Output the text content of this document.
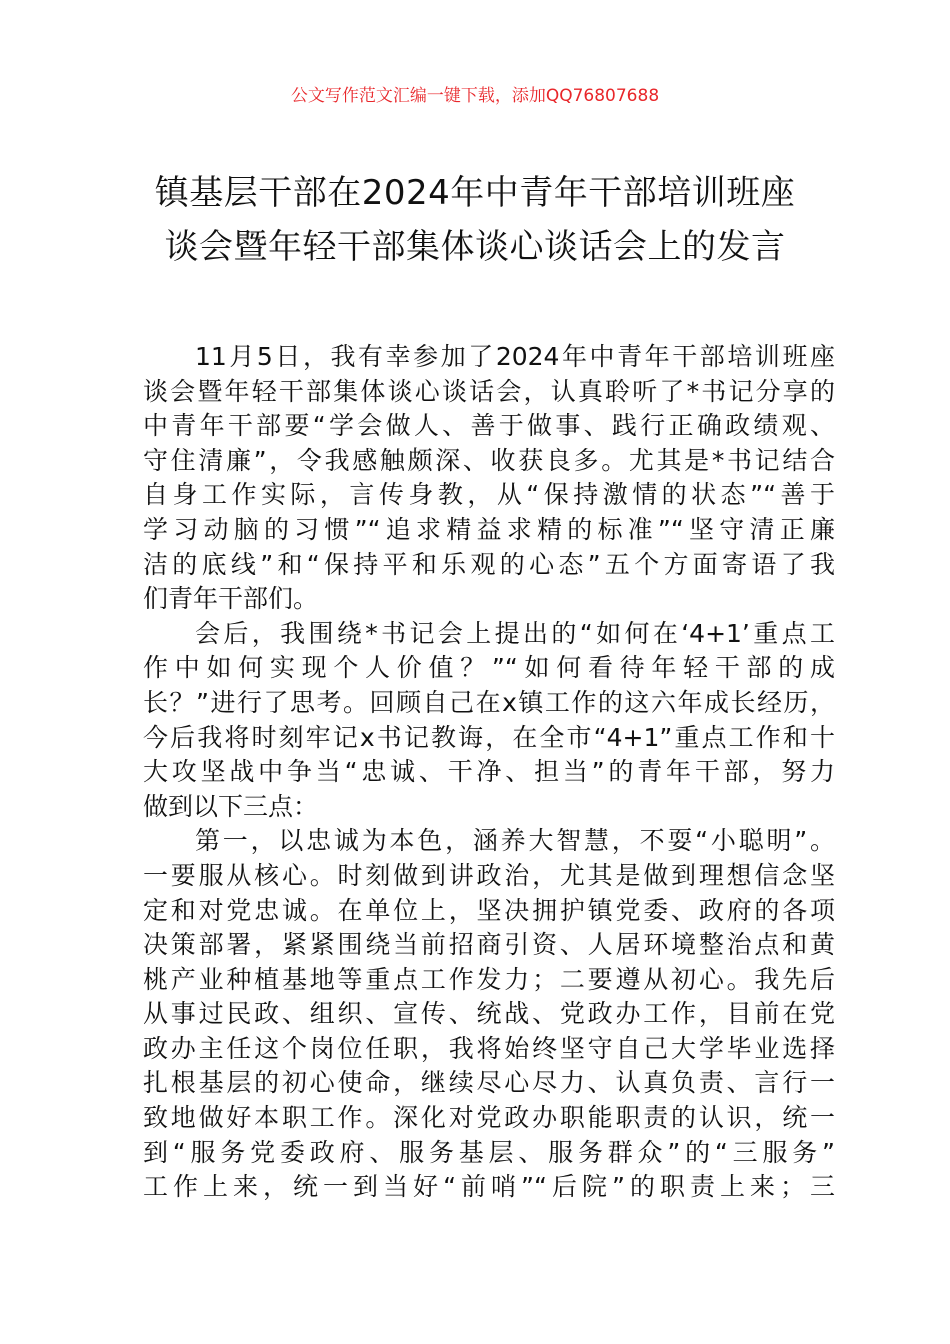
公文写作范文汇编一键下载，添加QQ76807688
镇基层干部在2024年中青年干部培训班座
谈会暨年轻干部集体谈心谈话会上的发言
11月5日，我有幸参加了2024年中青年干部培训班座
谈会暨年轻干部集体谈心谈话会，认真聆听了*书记分享的
中青年干部要“学会做人、善于做事、践行正确政绩观、
守住清廉”，令我感触颇深、收获良多。尤其是*书记结合
自身工作实际，言传身教，从“保持激情的状态”“善于
学习动脑的习惯”“追求精益求精的标准”“坚守清正廉
洁的底线”和“保持平和乐观的心态”五个方面寄语了我
们青年干部们。
会后，我围绕*书记会上提出的“如何在‘4+1’重点工
作中如何实现个人价值？”“如何看待年轻干部的成
长？”进行了思考。回顾自己在x镇工作的这六年成长经历，
今后我将时刻牢记x书记教诲，在全市“4+1”重点工作和十
大攻坚战中争当“忠诚、干净、担当”的青年干部，努力
做到以下三点：
第一，以忠诚为本色，涵养大智慧，不耍“小聪明”。
一要服从核心。时刻做到讲政治，尤其是做到理想信念坚
定和对党忠诚。在单位上，坚决拥护镇党委、政府的各项
决策部署，紧紧围绕当前招商引资、人居环境整治点和黄
桃产业种植基地等重点工作发力；二要遵从初心。我先后
从事过民政、组织、宣传、统战、党政办工作，目前在党
政办主任这个岗位任职，我将始终坚守自己大学毕业选择
扎根基层的初心使命，继续尽心尽力、认真负责、言行一
致地做好本职工作。深化对党政办职能职责的认识，统一
到“服务党委政府、服务基层、服务群众”的“三服务”
工作上来，统一到当好“前哨”“后院”的职责上来；三
